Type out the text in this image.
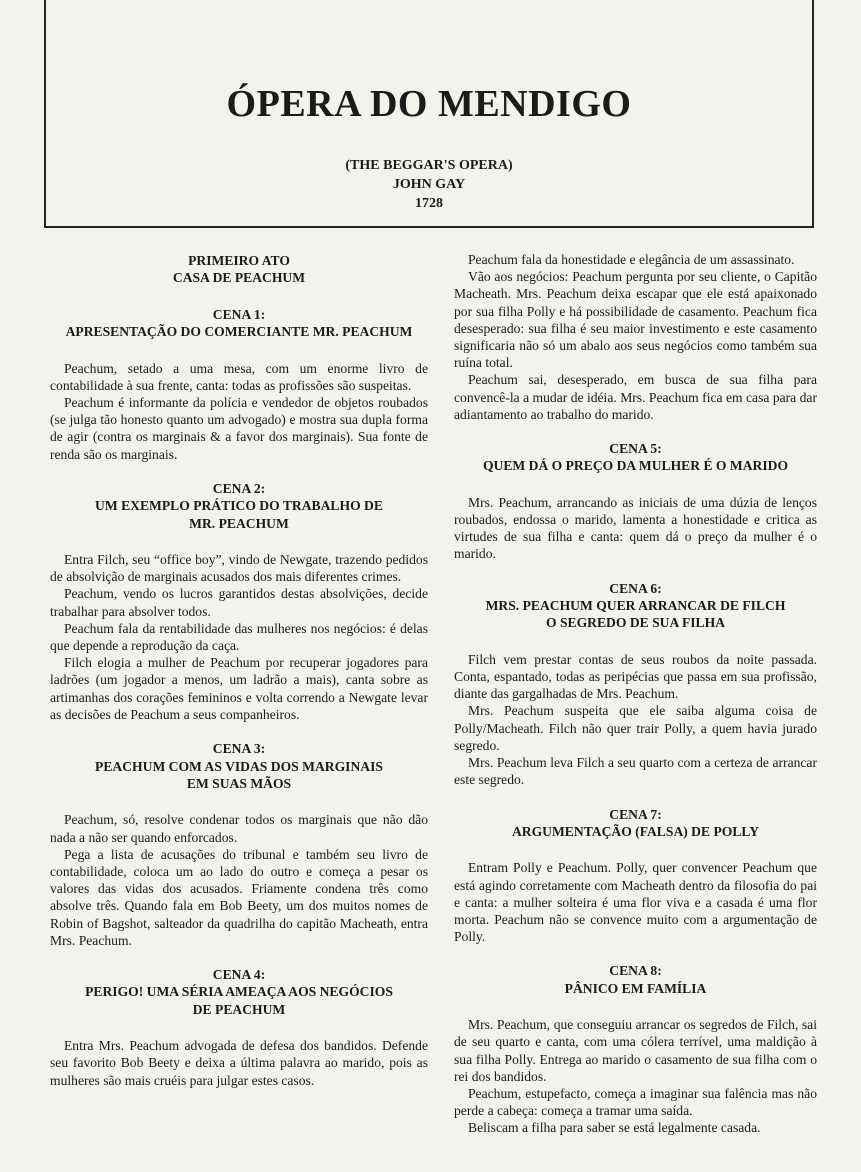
ÓPERA DO MENDIGO
(THE BEGGAR'S OPERA)
JOHN GAY
1728
PRIMEIRO ATO
CASA DE PEACHUM
CENA 1:
APRESENTAÇÃO DO COMERCIANTE MR. PEACHUM

Peachum, setado a uma mesa, com um enorme livro de contabilidade à sua frente, canta: todas as profissões são suspeitas.

Peachum é informante da polícia e vendedor de objetos roubados (se julga tão honesto quanto um advogado) e mostra sua dupla forma de agir (contra os marginais & a favor dos marginais). Sua fonte de renda são os marginais.

CENA 2:
UM EXEMPLO PRÁTICO DO TRABALHO DE
MR. PEACHUM

Entra Filch, seu “office boy”, vindo de Newgate, trazendo pedidos de absolvição de marginais acusados dos mais diferentes crimes.

Peachum, vendo os lucros garantidos destas absolvições, decide trabalhar para absolver todos.

Peachum fala da rentabilidade das mulheres nos negócios: é delas que depende a reprodução da caça.

Filch elogia a mulher de Peachum por recuperar jogadores para ladrões (um jogador a menos, um ladrão a mais), canta sobre as artimanhas dos corações femininos e volta correndo a Newgate levar as decisões de Peachum a seus companheiros.

CENA 3:
PEACHUM COM AS VIDAS DOS MARGINAIS
EM SUAS MÃOS

Peachum, só, resolve condenar todos os marginais que não dão nada a não ser quando enforcados.

Pega a lista de acusações do tribunal e também seu livro de contabilidade, coloca um ao lado do outro e começa a pesar os valores das vidas dos acusados. Friamente condena três como absolve três. Quando fala em Bob Beety, um dos muitos nomes de Robin of Bagshot, salteador da quadrilha do capitão Macheath, entra Mrs. Peachum.

CENA 4:
PERIGO! UMA SÉRIA AMEAÇA AOS NEGÓCIOS
DE PEACHUM

Entra Mrs. Peachum advogada de defesa dos bandidos. Defende seu favorito Bob Beety e deixa a última palavra ao marido, pois as mulheres são mais cruéis para julgar estes casos.

Peachum fala da honestidade e elegância de um assassinato.

Vão aos negócios: Peachum pergunta por seu cliente, o Capitão Macheath. Mrs. Peachum deixa escapar que ele está apaixonado por sua filha Polly e há possibilidade de casamento. Peachum fica desesperado: sua filha é seu maior investimento e este casamento significaria não só um abalo aos seus negócios como também sua ruína total.

Peachum sai, desesperado, em busca de sua filha para convencê-la a mudar de idéia. Mrs. Peachum fica em casa para dar adiantamento ao trabalho do marido.

CENA 5:
QUEM DÁ O PREÇO DA MULHER É O MARIDO

Mrs. Peachum, arrancando as iniciais de uma dúzia de lenços roubados, endossa o marido, lamenta a honestidade e critica as virtudes de sua filha e canta: quem dá o preço da mulher é o marido.

CENA 6:
MRS. PEACHUM QUER ARRANCAR DE FILCH
O SEGREDO DE SUA FILHA

Filch vem prestar contas de seus roubos da noite passada. Conta, espantado, todas as peripécias que passa em sua profissão, diante das gargalhadas de Mrs. Peachum.

Mrs. Peachum suspeita que ele saiba alguma coisa de Polly/Macheath. Filch não quer trair Polly, a quem havia jurado segredo.

Mrs. Peachum leva Filch a seu quarto com a certeza de arrancar este segredo.

CENA 7:
ARGUMENTAÇÃO (FALSA) DE POLLY

Entram Polly e Peachum. Polly, quer convencer Peachum que está agindo corretamente com Macheath dentro da filosofia do pai e canta: a mulher solteira é uma flor viva e a casada é uma flor morta. Peachum não se convence muito com a argumentação de Polly.

CENA 8:
PÂNICO EM FAMÍLIA

Mrs. Peachum, que conseguiu arrancar os segredos de Filch, sai de seu quarto e canta, com uma cólera terrível, uma maldição à sua filha Polly. Entrega ao marido o casamento de sua filha com o rei dos bandidos.

Peachum, estupefacto, começa a imaginar sua falência mas não perde a cabeça: começa a tramar uma saída.

Beliscam a filha para saber se está legalmente casada.
